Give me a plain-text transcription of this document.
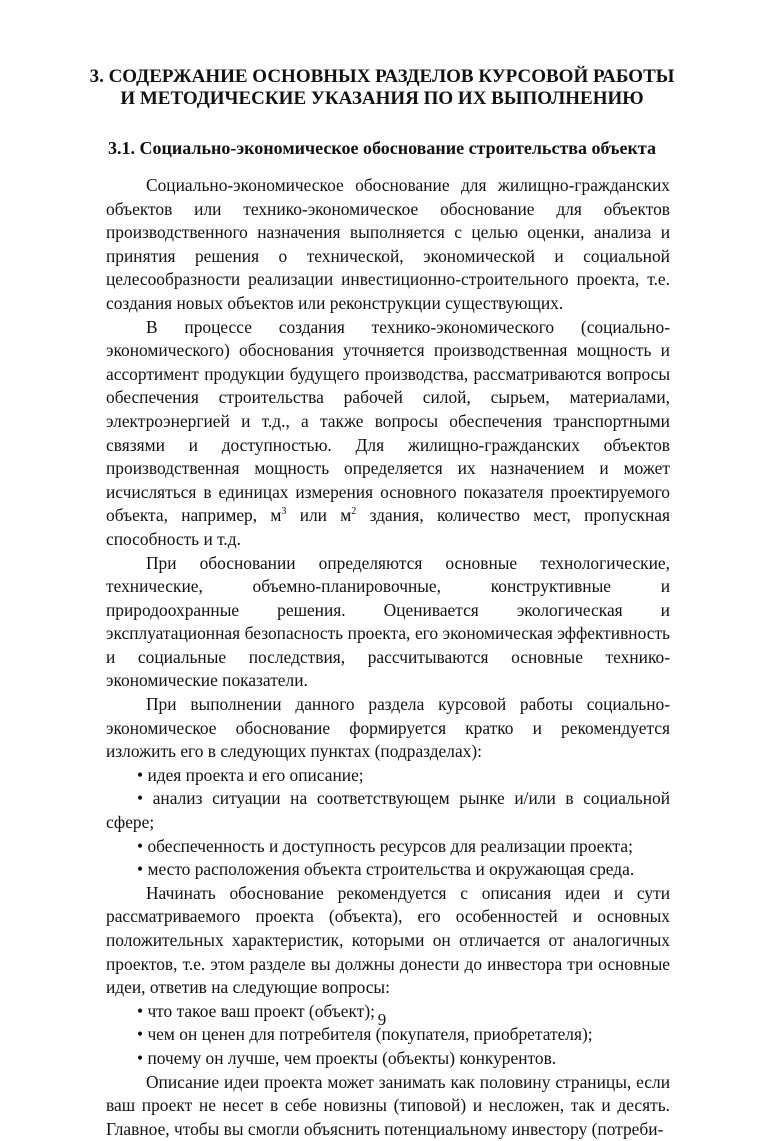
3. СОДЕРЖАНИЕ ОСНОВНЫХ РАЗДЕЛОВ КУРСОВОЙ РАБОТЫ
И МЕТОДИЧЕСКИЕ УКАЗАНИЯ ПО ИХ ВЫПОЛНЕНИЮ
3.1. Социально-экономическое обоснование строительства объекта

Социально-экономическое обоснование для жилищно-гражданских объектов или технико-экономическое обоснование для объектов производственного назначения выполняется с целью оценки, анализа и принятия решения о технической, экономической и социальной целесообразности реализации инвестиционно-строительного проекта, т.е. создания новых объектов или реконструкции существующих.

В процессе создания технико-экономического (социально-экономического) обоснования уточняется производственная мощность и ассортимент продукции будущего производства, рассматриваются вопросы обеспечения строительства рабочей силой, сырьем, материалами, электроэнергией и т.д., а также вопросы обеспечения транспортными связями и доступностью. Для жилищно-гражданских объектов производственная мощность определяется их назначением и может исчисляться в единицах измерения основного показателя проектируемого объекта, например, $м^3$ или $м^2$ здания, количество мест, пропускная способность и т.д.

При обосновании определяются основные технологические, технические, объемно-планировочные, конструктивные и природоохранные решения. Оценивается экологическая и эксплуатационная безопасность проекта, его экономическая эффективность и социальные последствия, рассчитываются основные технико-экономические показатели.

При выполнении данного раздела курсовой работы социально-экономическое обоснование формируется кратко и рекомендуется изложить его в следующих пунктах (подразделах):

• идея проекта и его описание;

• анализ ситуации на соответствующем рынке и/или в социальной сфере;

• обеспеченность и доступность ресурсов для реализации проекта;

• место расположения объекта строительства и окружающая среда.

Начинать обоснование рекомендуется с описания идеи и сути рассматриваемого проекта (объекта), его особенностей и основных положительных характеристик, которыми он отличается от аналогичных проектов, т.е. этом разделе вы должны донести до инвестора три основные идеи, ответив на следующие вопросы:

• что такое ваш проект (объект);

• чем он ценен для потребителя (покупателя, приобретателя);

• почему он лучше, чем проекты (объекты) конкурентов.

Описание идеи проекта может занимать как половину страницы, если ваш проект не несет в себе новизны (типовой) и несложен, так и десять. Главное, чтобы вы смогли объяснить потенциальному инвестору (потреби-

9
